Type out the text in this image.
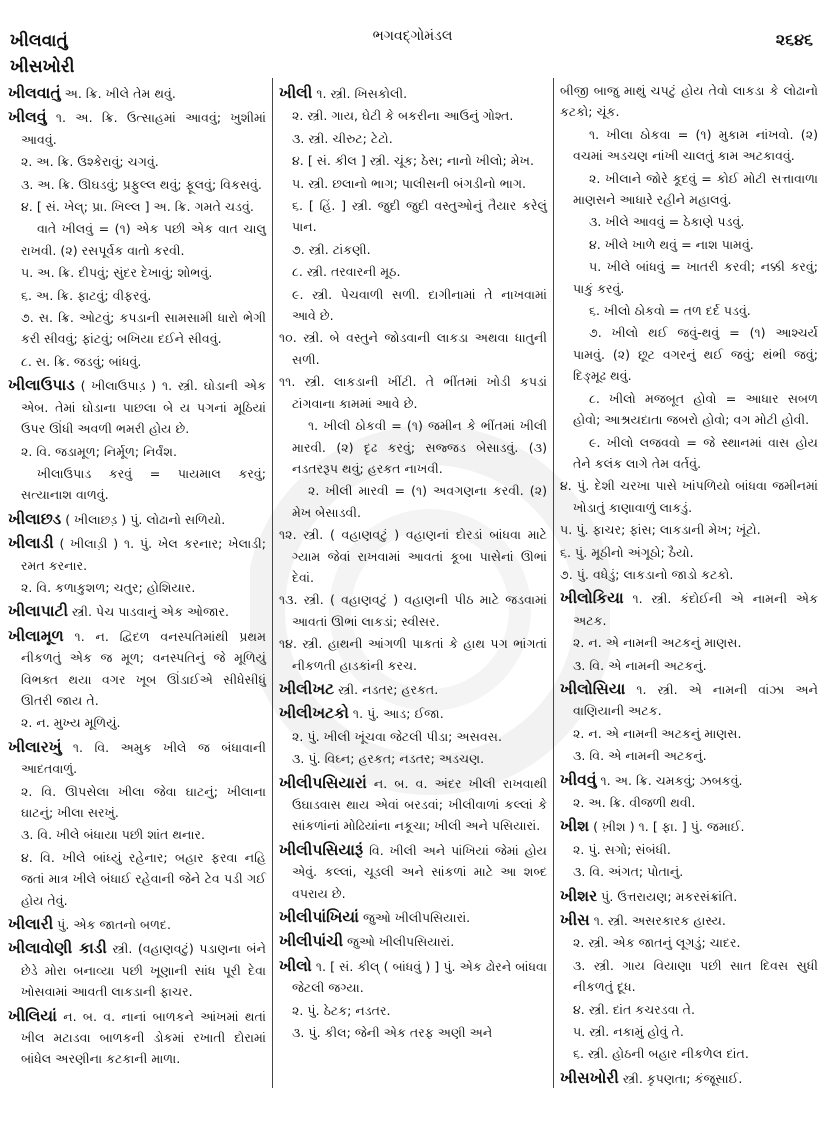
ખીલવાતું
ખીસખોરી
ભગવદ્ગોમંડલ	૨૬૪૬

ખીલવાતું અ. ક્રિ. ખીલે તેમ થવું.

ખીલવું ૧. અ. ક્રિ. ઉત્સાહમાં આવવું; ખુશીમાં આવવું.

૨. અ. ક્રિ. ઉશ્કેરાવું; ચગવું.

૩. અ. ક્રિ. ઊઘડવું; પ્રફુલ્લ થવું; ફૂલવું; વિકસવું.

૪. [ સં. ખેલ્; પ્રા. ખિલ્લ ] અ. ક્રિ. ગમતે ચડવું.

વાતે ખીલવું = (૧) એક પછી એક વાત ચાલુ રાખવી. (૨) રસપૂર્વક વાતો કરવી.

૫. અ. ક્રિ. દીપવું; સુંદર દેખાવું; શોભવું.

૬. અ. ક્રિ. ફાટવું; વીફરવું.

૭. સ. ક્રિ. ઓટવું; કપડાની સામસામી ધારો ભેગી કરી સીવવું; ફાંટવું; બખિયા દઈને સીવવું.

૮. સ. ક્રિ. જડવું; બાંધવું.

ખીલાઉપાડ ( ખીલાઉપાડ઼ ) ૧. સ્ત્રી. ઘોડાની એક એબ. તેમાં ઘોડાના પાછલા બે ય પગનાં મૂઠિયાં ઉપર ઊંધી અવળી ભમરી હોય છે.

૨. વિ. જડામૂળ; નિર્મૂળ; નિર્વંશ.

ખીલાઉપાડ કરવું = પાયમાલ કરવું; સત્યાનાશ વાળવું.

ખીલાછડ ( ખીલાછડ઼ ) પું. લોઢાનો સળિયો.

ખીલાડી ( ખીલાડ઼ી ) ૧. પું. ખેલ કરનાર; ખેલાડી; રમત કરનાર.

૨. વિ. કળાકુશળ; ચતુર; હોશિયાર.

ખીલાપાટી સ્ત્રી. પેચ પાડવાનું એક ઓજાર.

ખીલામૂળ ૧. ન. દ્વિદળ વનસ્પતિમાંથી પ્રથમ નીકળતું એક જ મૂળ; વનસ્પતિનું જે મૂળિયું વિભક્ત થયા વગર ખૂબ ઊંડાઈએ સીધેસીધું ઊતરી જાય તે.

૨. ન. મુખ્ય મૂળિયું.

ખીલારખું ૧. વિ. અમુક ખીલે જ બંધાવાની આદતવાળું.

૨. વિ. ઊપસેલા ખીલા જેવા ઘાટનું; ખીલાના ઘાટનું; ખીલા સરખું.

૩. વિ. ખીલે બંધાયા પછી શાંત થનાર.

૪. વિ. ખીલે બાંધ્યું રહેનાર; બહાર ફરવા નહિ જતાં માત્ર ખીલે બંધાઈ રહેવાની જેને ટેવ પડી ગઈ હોય તેવું.

ખીલારી પું. એક જાતનો બળદ.

ખીલાવોણી કાડી સ્ત્રી. (વહાણવટું) પડાણના બંને છેડે મોરા બનાવ્યા પછી ખૂણાની સાંધ પૂરી દેવા ખોસવામાં આવતી લાકડાની ફાચર.

ખીલિયાં ન. બ. વ. નાનાં બાળકને આંખમાં થતાં ખીલ મટાડવા બાળકની ડોકમાં રખાતી દોરામાં બાંધેલ અરણીના કટકાની માળા.

ખીલી ૧. સ્ત્રી. ખિસકોલી.

૨. સ્ત્રી. ગાય, ઘેટી કે બકરીના આઉનું ગોશ્ત.

૩. સ્ત્રી. ચીરુટ; ટેટો.

૪. [ સં. કીલ ] સ્ત્રી. ચૂંક; ઠેસ; નાનો ખીલો; મેખ.

૫. સ્ત્રી. છલાનો ભાગ; પાલીસની બંગડીનો ભાગ.

૬. [ હિં. ] સ્ત્રી. જુદી જુદી વસ્તુઓનું તૈયાર કરેલું પાન.

૭. સ્ત્રી. ટાંકણી.

૮. સ્ત્રી. તરવારની મૂઠ.

૯. સ્ત્રી. પેચવાળી સળી. દાગીનામાં તે નાખવામાં આવે છે.

૧૦. સ્ત્રી. બે વસ્તુને જોડવાની લાકડા અથવા ધાતુની સળી.

૧૧. સ્ત્રી. લાકડાની ખીંટી. તે ભીંતમાં ખોડી કપડાં ટાંગવાના કામમાં આવે છે.

૧. ખીલી ઠોકવી = (૧) જમીન કે ભીંતમાં ખીલી મારવી. (૨) દૃઢ કરવું; સજ્જડ બેસાડવું. (૩) નડતરરૂપ થવું; હરકત નાખવી.

૨. ખીલી મારવી = (૧) અવગણના કરવી. (૨) મેખ બેસાડવી.

૧૨. સ્ત્રી. ( વહાણવટું ) વહાણનાં દોરડાં બાંધવા માટે ગ્યામ જેવાં રાખવામાં આવતાં કૂબા પાસેનાં ઊભાં દેવાં.

૧૩. સ્ત્રી. ( વહાણવટું ) વહાણની પીઠ માટે જડવામાં આવતાં ઊભાં લાકડાં; સ્વીસર.

૧૪. સ્ત્રી. હાથની આંગળી પાકતાં કે હાથ પગ ભાંગતાં નીકળતી હાડકાંની કરચ.

ખીલીખટ સ્ત્રી. નડતર; હરકત.

ખીલીખટકો ૧. પું. આડ; ઈજા.

૨. પું. ખીલી ખૂંચવા જેટલી પીડા; અસવસ.

૩. પું. વિઘ્ન; હરકત; નડતર; અડચણ.

ખીલીપસિયારાં ન. બ. વ. અંદર ખીલી રાખવાથી ઉઘાડવાસ થાય એવાં બરડવાં; ખીલીવાળાં કલ્લાં કે સાંકળાંનાં મોઢિયાંના નકૂચા; ખીલી અને પસિયારાં.

ખીલીપસિયારૂં વિ. ખીલી અને પાંખિયાં જેમાં હોય એવું. કલ્લાં, ચૂડલી અને સાંકળાં માટે આ શબ્દ વપરાય છે.

ખીલીપાંખિયાં જુઓ ખીલીપસિયારાં.

ખીલીપાંચી જુઓ ખીલીપસિયારાં.

ખીલો ૧. [ સં. કીલ્ ( બાંધવું ) ] પું. એક ઢોરને બાંધવા જેટલી જગ્યા.

૨. પું. ઠેટક; નડતર.

૩. પું. કીલ; જેની એક તરફ અણી અને

બીજી બાજુ માથું ચપટું હોય તેવો લાકડા કે લોઢાનો કટકો; ચૂંક.

૧. ખીલા ઠોકવા = (૧) મુકામ નાંખવો. (૨) વચમાં અડચણ નાંખી ચાલતું કામ અટકાવવું.

૨. ખીલાને જોરે કૂદવું = કોઈ મોટી સત્તાવાળા માણસને આધારે રહીને મહાલવું.

૩. ખીલે આવવું = ઠેકાણે પડવું.

૪. ખીલે ખાળે થવું = નાશ પામવું.

૫. ખીલે બાંધવું = ખાતરી કરવી; નક્કી કરવું; પાકું કરવું.

૬. ખીલો ઠોકવો = તળ દર્દ પડવું.

૭. ખીલો થઈ જવું-થવું = (૧) આશ્ચર્ય પામવું. (૨) છૂટ વગરનું થઈ જવું; થંભી જવું; દિઙ્મૂઢ થવું.

૮. ખીલો મજબૂત હોવો = આધાર સબળ હોવો; આશ્રયદાતા જબરો હોવો; વગ મોટી હોવી.

૯. ખીલો લજવવો = જે સ્થાનમાં વાસ હોય તેને કલંક લાગે તેમ વર્તવું.

૪. પું. દેશી ચરખા પાસે ખાંપળિયો બાંધવા જમીનમાં ખોડાતું કાણાવાળું લાકડું.

૫. પું. ફાચર; ફાંસ; લાકડાની મેખ; ખૂંટો.

૬. પું. મૂઠીનો અંગૂઠો; ઠૈયો.

૭. પું. વધેડું; લાકડાનો જાડો કટકો.

ખીલોકિયા ૧. સ્ત્રી. કંદોઈની એ નામની એક અટક.

૨. ન. એ નામની અટકનું માણસ.

૩. વિ. એ નામની અટકનું.

ખીલોસિયા ૧. સ્ત્રી. એ નામની વાંઝા અને વાણિયાની અટક.

૨. ન. એ નામની અટકનું માણસ.

૩. વિ. એ નામની અટકનું.

ખીવવું ૧. અ. ક્રિ. ચમકવું; ઝબકવું.

૨. અ. ક્રિ. વીજળી થવી.

ખીશ ( ખ઼ીશ ) ૧. [ ફા. ] પું. જમાઈ.

૨. પું. સગો; સંબંધી.

૩. વિ. અંગત; પોતાનું.

ખીશર પું. ઉત્તરાયણ; મકરસંક્રાંતિ.

ખીસ ૧. સ્ત્રી. અસરકારક હાસ્ય.

૨. સ્ત્રી. એક જાતનું લૂગડું; ચાદર.

૩. સ્ત્રી. ગાય વિયાણા પછી સાત દિવસ સુધી નીકળતું દૂધ.

૪. સ્ત્રી. દાંત કચરડવા તે.

૫. સ્ત્રી. નકામું હોવું તે.

૬. સ્ત્રી. હોઠની બહાર નીકળેલ દાંત.

ખીસખોરી સ્ત્રી. કૃપણતા; કંજૂસાઈ.
